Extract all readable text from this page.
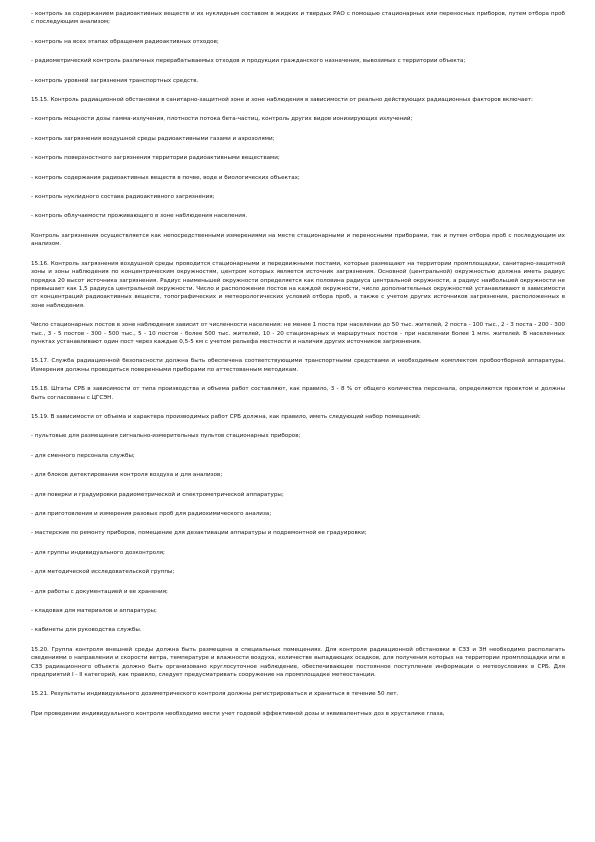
- контроль за содержанием радиоактивных веществ и их нуклидным составом в жидких и твердых РАО с помощью стационарных или переносных приборов, путем отбора проб с последующим анализом;

- контроль на всех этапах обращения радиоактивных отходов;

- радиометрический контроль различных перерабатываемых отходов и продукции гражданского назначения, вывозимых с территории объекта;

- контроль уровней загрязнения транспортных средств.

15.15. Контроль радиационной обстановки в санитарно-защитной зоне и зоне наблюдения в зависимости от реально действующих радиационных факторов включает:

- контроль мощности дозы гамма-излучения, плотности потока бета-частиц, контроль других видов ионизирующих излучений;

- контроль загрязнения воздушной среды радиоактивными газами и аэрозолями;

- контроль поверхностного загрязнения территории радиоактивными веществами;

- контроль содержания радиоактивных веществ в почве, воде и биологических объектах;

- контроль нуклидного состава радиоактивного загрязнения;

- контроль облучаемости проживающего в зоне наблюдения населения.

Контроль загрязнения осуществляется как непосредственными измерениями на месте стационарными и переносными приборами, так и путем отбора проб с последующим их анализом.

15.16. Контроль загрязнения воздушной среды проводится стационарными и передвижными постами, которые размещают на территории промплощадки, санитарно-защитной зоны и зоны наблюдения по концентрическим окружностям, центром которых является источник загрязнения. Основной (центральной) окружностью должна иметь радиус порядка 20 высот источника загрязнения. Радиус наименьшей окружности определяется как половина радиуса центральной окружности, а радиус наибольшей окружности не превышает как 1,5 радиуса центральной окружности. Число и расположение постов на каждой окружности, число дополнительных окружностей устанавливают в зависимости от концентраций радиоактивных веществ, топографических и метеорологических условий отбора проб, а также с учетом других источников загрязнения, расположенных в зоне наблюдения.

Число стационарных постов в зоне наблюдения зависит от численности населения: не менее 1 поста при населении до 50 тыс. жителей, 2 поста - 100 тыс., 2 - 3 поста - 200 - 300 тыс., 3 - 5 постов - 300 - 500 тыс., 5 - 10 постов - более 500 тыс. жителей, 10 - 20 стационарных и маршрутных постов - при населении более 1 млн. жителей. В населенных пунктах устанавливают один пост через каждые 0,5-5 км с учетом рельефа местности и наличия других источников загрязнения.

15.17. Служба радиационной безопасности должна быть обеспечена соответствующими транспортными средствами и необходимым комплектом пробоотборной аппаратуры. Измерения должны проводиться поверенными приборами по аттестованным методикам.

15.18. Штаты СРБ в зависимости от типа производства и объема работ составляют, как правило, 3 - 8 % от общего количества персонала, определяются проектом и должны быть согласованы с ЦГСЭН.

15.19. В зависимости от объема и характера производимых работ СРБ должна, как правило, иметь следующий набор помещений:

- пультовые для размещения сигнально-измерительных пультов стационарных приборов;

- для сменного персонала службы;

- для блоков детектирования контроля воздуха и для анализов;

- для поверки и градуировки радиометрической и спектрометрической аппаратуры;

- для приготовления и измерения разовых проб для радиохимического анализа;

- мастерские по ремонту приборов, помещение для дезактивации аппаратуры и подремонтной ее градуировки;

- для группы индивидуального дозконтроля;

- для методической исследовательской группы;

- для работы с документацией и ее хранения;

- кладовая для материалов и аппаратуры;

- кабинеты для руководства службы.

15.20. Группа контроля внешней среды должна быть размещена в специальных помещениях. Для контроля радиационной обстановки в СЗЗ и ЗН необходимо располагать сведениями о направлении и скорости ветра, температуре и влажности воздуха, количестве выпадающих осадков, для получения которых на территории промплощадки или в СЗЗ радиационного объекта должно быть организовано круглосуточное наблюдение, обеспечивающее постоянное поступление информации о метеоусловиях в СРБ. Для предприятий I - II категорий, как правило, следует предусматривать сооружение на промплощадке метеостанции.

15.21. Результаты индивидуального дозиметрического контроля должны регистрироваться и храниться в течение 50 лет.

При проведении индивидуального контроля необходимо вести учет годовой эффективной дозы и эквивалентных доз в хрусталике глаза,
